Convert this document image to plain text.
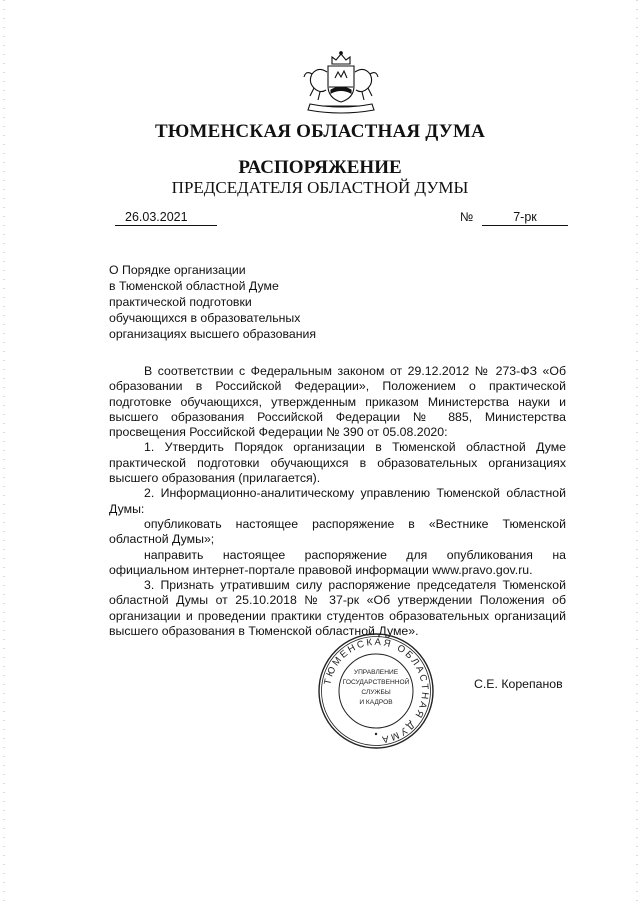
ТЮМЕНСКАЯ ОБЛАСТНАЯ ДУМА
РАСПОРЯЖЕНИЕ
ПРЕДСЕДАТЕЛЯ ОБЛАСТНОЙ ДУМЫ
26.03.2021	№	7-рк
О Порядке организации
в Тюменской областной Думе
практической подготовки
обучающихся в образовательных
организациях высшего образования

В соответствии с Федеральным законом от 29.12.2012 № 273-ФЗ «Об образовании в Российской Федерации», Положением о практической подготовке обучающихся, утвержденным приказом Министерства науки и высшего образования Российской Федерации № 885, Министерства просвещения Российской Федерации № 390 от 05.08.2020:

1. Утвердить Порядок организации в Тюменской областной Думе практической подготовки обучающихся в образовательных организациях высшего образования (прилагается).

2. Информационно-аналитическому управлению Тюменской областной Думы:

опубликовать настоящее распоряжение в «Вестнике Тюменской областной Думы»;

направить настоящее распоряжение для опубликования на официальном интернет-портале правовой информации www.pravo.gov.ru.

3. Признать утратившим силу распоряжение председателя Тюменской областной Думы от 25.10.2018 № 37-рк «Об утверждении Положения об организации и проведении практики студентов образовательных организаций высшего образования в Тюменской областной Думе».

ТЮМЕНСКАЯ ОБЛАСТНАЯ ДУМА
УПРАВЛЕНИЕ
ГОСУДАРСТВЕННОЙ
СЛУЖБЫ
И КАДРОВ
С.Е. Корепанов
